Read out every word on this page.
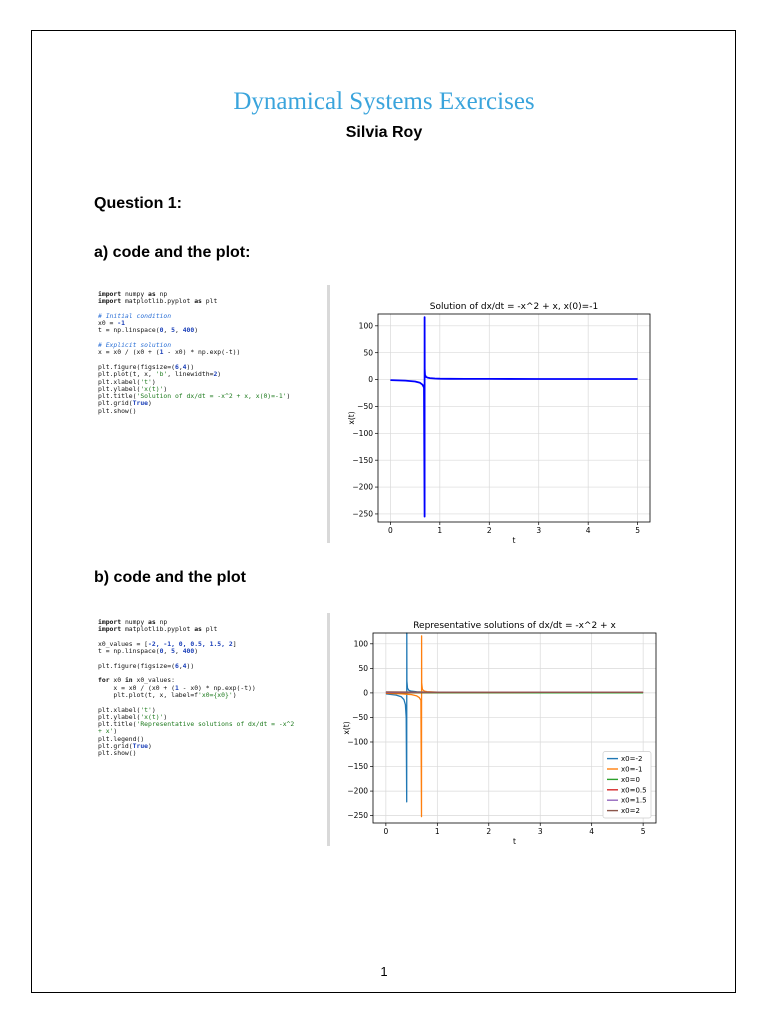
Dynamical Systems Exercises
Silvia Roy
Question 1:
a) code and the plot:
import numpy as np
import matplotlib.pyplot as plt

# Initial condition
x0 = -1
t = np.linspace(0, 5, 400)

# Explicit solution
x = x0 / (x0 + (1 - x0) * np.exp(-t))

plt.figure(figsize=(6,4))
plt.plot(t, x, 'b', linewidth=2)
plt.xlabel('t')
plt.ylabel('x(t)')
plt.title('Solution of dx/dt = -x^2 + x, x(0)=-1')
plt.grid(True)
plt.show()
0	1	2	3	4	5
−250
−200
−150
−100
−50
0
50
100
Solution of dx/dt = -x^2 + x, x(0)=-1
t
x(t)
b) code and the plot
import numpy as np
import matplotlib.pyplot as plt

x0_values = [-2, -1, 0, 0.5, 1.5, 2]
t = np.linspace(0, 5, 400)

plt.figure(figsize=(6,4))

for x0 in x0_values:
x = x0 / (x0 + (1 - x0) * np.exp(-t))
plt.plot(t, x, label=f'x0={x0}')

plt.xlabel('t')
plt.ylabel('x(t)')
plt.title('Representative solutions of dx/dt = -x^2
+ x')
plt.legend()
plt.grid(True)
plt.show()
0	1	2	3	4	5
−250
−200
−150
−100
−50
0
50
100
Representative solutions of dx/dt = -x^2 + x
t
x(t)
x0=-2
x0=-1
x0=0
x0=0.5
x0=1.5
x0=2
1
